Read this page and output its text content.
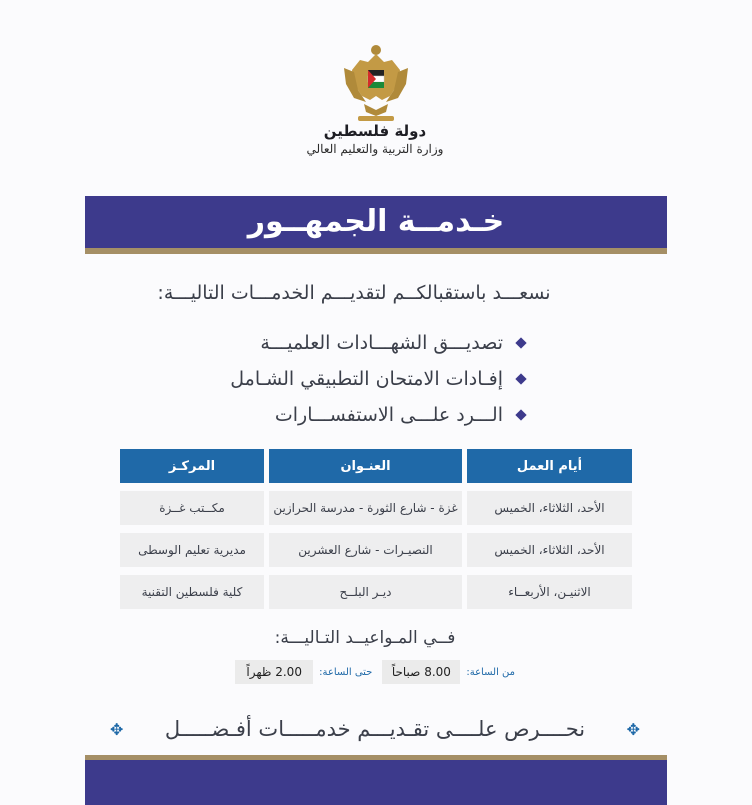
دولة فلسطين
وزارة التربية والتعليم العالي
خـدمــة الجمهــور
نسعـــد باستقبالكــم لتقديـــم الخدمـــات التاليـــة:
تصديـــق الشهـــادات العلميـــة
إفـادات الامتحان التطبيقي الشـامل
الـــرد علـــى الاستفســـارات
أيام العمل
العنـوان
المركـز
الأحد، الثلاثاء، الخميس
غزة - شارع الثورة - مدرسة الحرازين
مكــتب غــزة
الأحد، الثلاثاء، الخميس
النصيـرات - شارع العشرين
مديرية تعليم الوسطى
الاثنيـن، الأربعــاء
ديـر البلــح
كلية فلسطين التقنية
فــي المـواعيــد التـاليـــة:
من الساعة:
8.00 صباحاً
حتى الساعة:
2.00 ظهراً
✥
نحــــرص علــــى تقـديـــم خدمـــــات أفـضـــــل
✥
